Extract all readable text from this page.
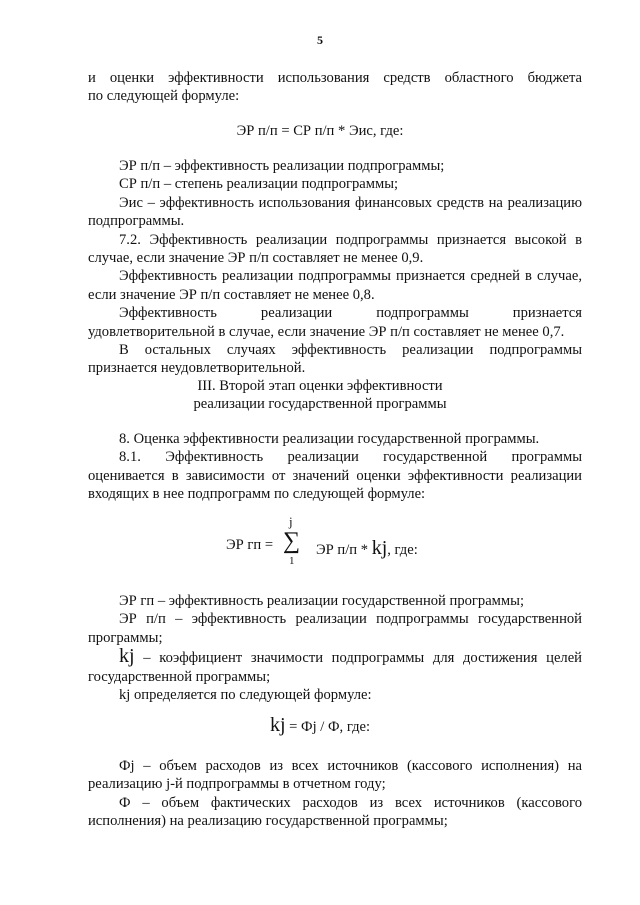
5
и оценки эффективности использования средств областного бюджета
по следующей формуле:
ЭР п/п = СР п/п * Эис, где:
ЭР п/п – эффективность реализации подпрограммы;
СР п/п – степень реализации подпрограммы;
Эис – эффективность использования финансовых средств на реализацию
подпрограммы.
7.2. Эффективность реализации подпрограммы признается высокой в
случае, если значение ЭР п/п составляет не менее 0,9.
Эффективность реализации подпрограммы признается средней в случае,
если значение ЭР п/п составляет не менее 0,8.
Эффективность реализации подпрограммы признается
удовлетворительной в случае, если значение ЭР п/п составляет не менее 0,7.
В остальных случаях эффективность реализации подпрограммы
признается неудовлетворительной.
III. Второй этап оценки эффективности
реализации государственной программы
8. Оценка эффективности реализации государственной программы.
8.1. Эффективность реализации государственной программы
оценивается в зависимости от значений оценки эффективности реализации
входящих в нее подпрограмм по следующей формуле:
ЭР гп =
j
∑
1
ЭР п/п * kj, где:
ЭР гп – эффективность реализации государственной программы;
ЭР п/п – эффективность реализации подпрограммы государственной
программы;
kj – коэффициент значимости подпрограммы для достижения целей
государственной программы;
kj определяется по следующей формуле:
kj = Фj / Ф, где:
Фj – объем расходов из всех источников (кассового исполнения) на
реализацию j-й подпрограммы в отчетном году;
Ф – объем фактических расходов из всех источников (кассового
исполнения) на реализацию государственной программы;
